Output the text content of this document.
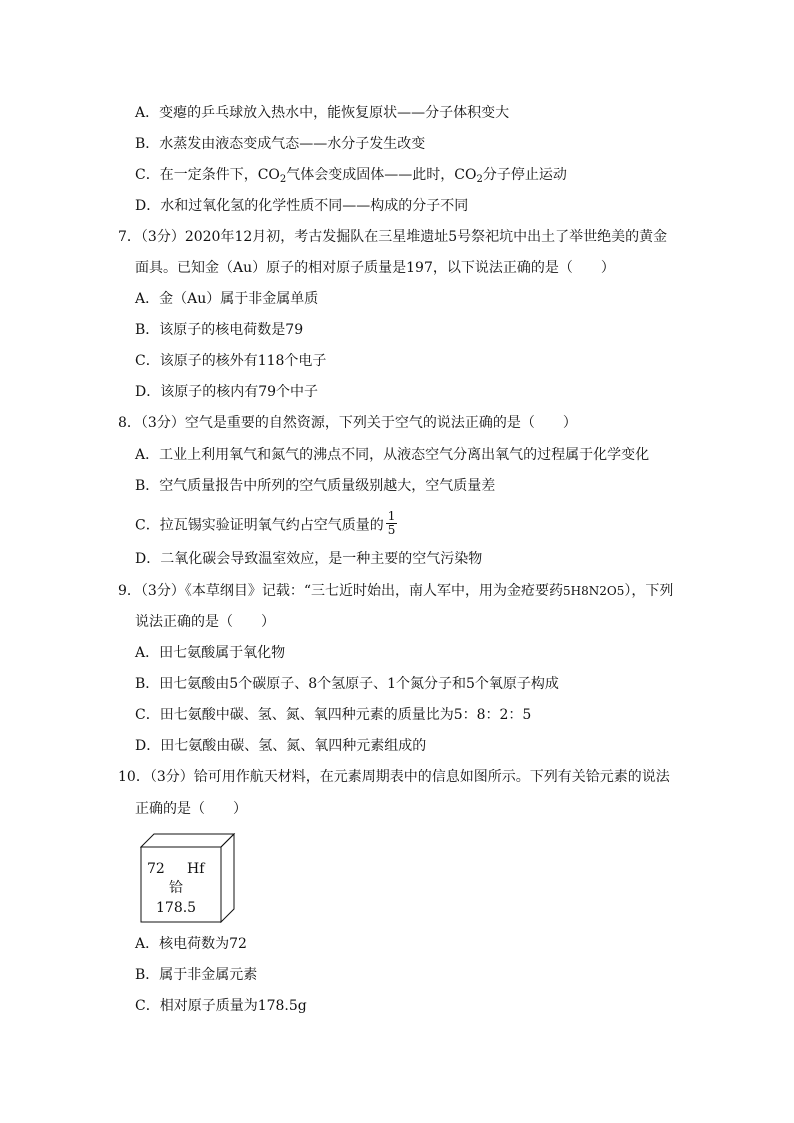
A．变瘪的乒乓球放入热水中，能恢复原状——分子体积变大
B．水蒸发由液态变成气态——水分子发生改变
C．在一定条件下，$CO_2$气体会变成固体——此时，$CO_2$分子停止运动
D．水和过氧化氢的化学性质不同——构成的分子不同
7．（3分）2020年12月初，考古发掘队在三星堆遗址5号祭祀坑中出土了举世绝美的黄金
面具。已知金（Au）原子的相对原子质量是197，以下说法正确的是（　　）
A．金（Au）属于非金属单质
B．该原子的核电荷数是79
C．该原子的核外有118个电子
D．该原子的核内有79个中子
8．（3分）空气是重要的自然资源，下列关于空气的说法正确的是（　　）
A．工业上利用氧气和氮气的沸点不同，从液态空气分离出氧气的过程属于化学变化
B．空气质量报告中所列的空气质量级别越大，空气质量差
C．拉瓦锡实验证明氧气约占空气质量的 $\frac{1}{5}$
D．二氧化碳会导致温室效应，是一种主要的空气污染物
9．（3分）《本草纲目》记载：“三七近时始出，南人军中，用为金疮要药5H8N2O5），下列
说法正确的是（　　）
A．田七氨酸属于氧化物
B．田七氨酸由5个碳原子、8个氢原子、1个氮分子和5个氧原子构成
C．田七氨酸中碳、氢、氮、氧四种元素的质量比为5：8：2：5
D．田七氨酸由碳、氢、氮、氧四种元素组成的
10．（3分）铪可用作航天材料，在元素周期表中的信息如图所示。下列有关铪元素的说法
正确的是（　　）
72 Hf
铪
178.5
A．核电荷数为72
B．属于非金属元素
C．相对原子质量为178.5g
